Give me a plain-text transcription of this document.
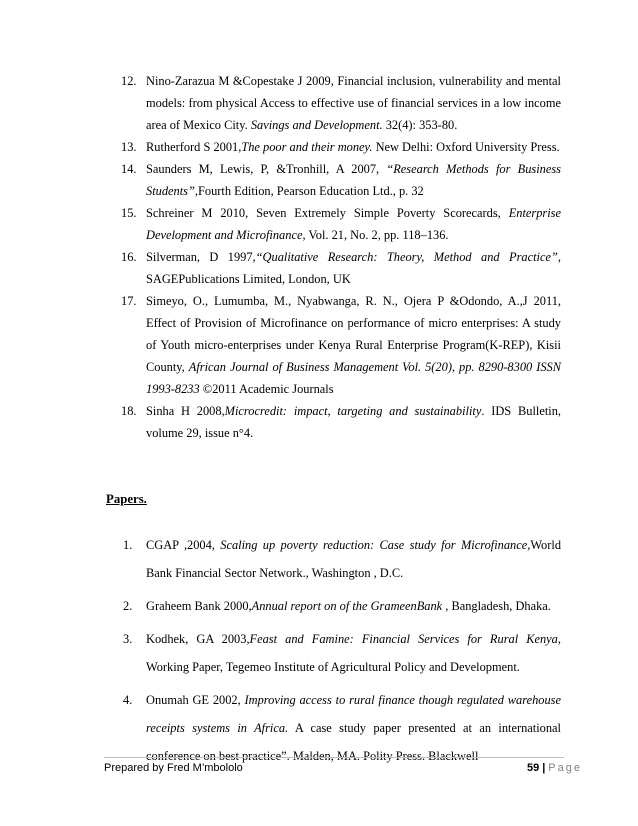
12. Nino-Zarazua M &Copestake J 2009, Financial inclusion, vulnerability and mental models: from physical Access to effective use of financial services in a low income area of Mexico City. Savings and Development. 32(4): 353-80.
13. Rutherford S 2001,The poor and their money. New Delhi: Oxford University Press.
14. Saunders M, Lewis, P, &Tronhill, A 2007, “Research Methods for Business Students”,Fourth Edition, Pearson Education Ltd., p. 32
15. Schreiner M 2010, Seven Extremely Simple Poverty Scorecards, Enterprise Development and Microfinance, Vol. 21, No. 2, pp. 118–136.
16. Silverman, D 1997,“Qualitative Research: Theory, Method and Practice”, SAGEPublications Limited, London, UK
17. Simeyo, O., Lumumba, M., Nyabwanga, R. N., Ojera P &Odondo, A.,J 2011, Effect of Provision of Microfinance on performance of micro enterprises: A study of Youth micro-enterprises under Kenya Rural Enterprise Program(K-REP), Kisii County, African Journal of Business Management Vol. 5(20), pp. 8290-8300 ISSN 1993-8233 ©2011 Academic Journals
18. Sinha H 2008,Microcredit: impact, targeting and sustainability. IDS Bulletin, volume 29, issue n°4.
Papers.
1. CGAP ,2004, Scaling up poverty reduction: Case study for Microfinance,World Bank Financial Sector Network., Washington , D.C.
2. Graheem Bank 2000,Annual report on of the GrameenBank , Bangladesh, Dhaka.
3. Kodhek, GA 2003,Feast and Famine: Financial Services for Rural Kenya, Working Paper, Tegemeo Institute of Agricultural Policy and Development.
4. Onumah GE 2002, Improving access to rural finance though regulated warehouse receipts systems in Africa. A case study paper presented at an international conference on best practice”. Malden, MA. Polity Press. Blackwell
Prepared by Fred M’mbololo	59 | Page
